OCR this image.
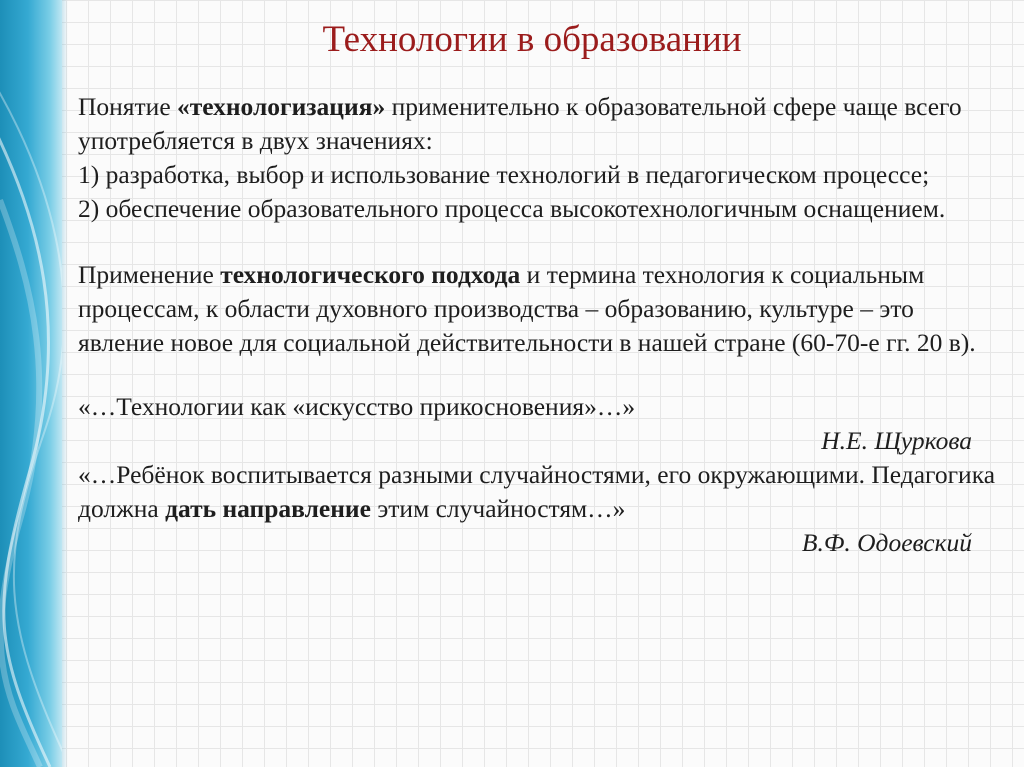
Технологии в образовании

Понятие «технологизация» применительно к образовательной сфере чаще всего употребляется в двух значениях:

1) разработка, выбор и использование технологий в педагогическом процессе;

2) обеспечение образовательного процесса высокотехнологичным оснащением.

Применение технологического подхода и термина технология к социальным процессам, к области духовного производства – образованию, культуре – это явление новое для социальной действительности в нашей стране (60-70-е гг. 20 в).

«…Технологии как «искусство прикосновения»…»

Н.Е. Щуркова

«…Ребёнок воспитывается разными случайностями, его окружающими. Педагогика должна дать направление этим случайностям…»

В.Ф. Одоевский
